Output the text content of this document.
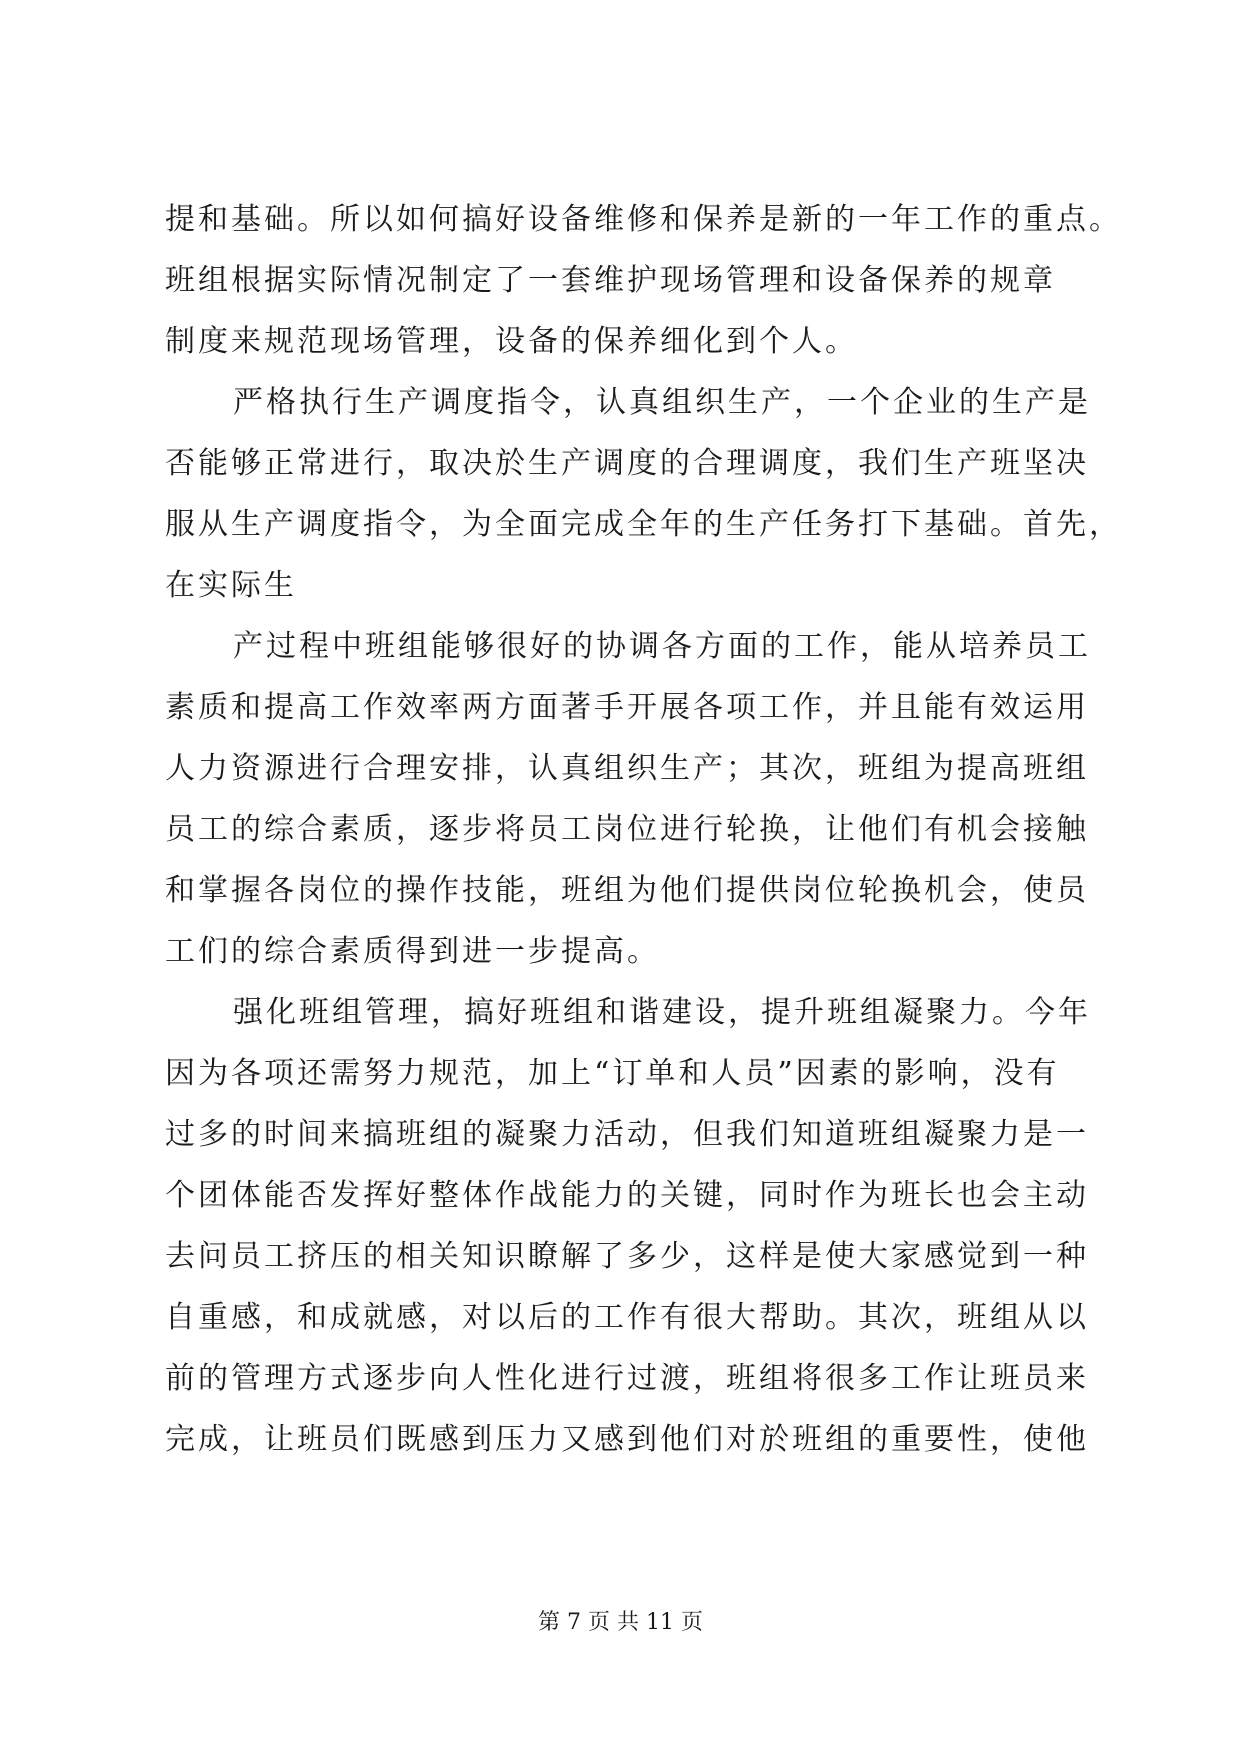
提和基础。所以如何搞好设备维修和保养是新的一年工作的重点。
班组根据实际情况制定了一套维护现场管理和设备保养的规章
制度来规范现场管理，设备的保养细化到个人。
严格执行生产调度指令，认真组织生产，一个企业的生产是
否能够正常进行，取决於生产调度的合理调度，我们生产班坚决
服从生产调度指令，为全面完成全年的生产任务打下基础。首先，
在实际生
产过程中班组能够很好的协调各方面的工作，能从培养员工
素质和提高工作效率两方面著手开展各项工作，并且能有效运用
人力资源进行合理安排，认真组织生产；其次，班组为提高班组
员工的综合素质，逐步将员工岗位进行轮换，让他们有机会接触
和掌握各岗位的操作技能，班组为他们提供岗位轮换机会，使员
工们的综合素质得到进一步提高。
强化班组管理，搞好班组和谐建设，提升班组凝聚力。今年
因为各项还需努力规范，加上“订单和人员”因素的影响，没有
过多的时间来搞班组的凝聚力活动，但我们知道班组凝聚力是一
个团体能否发挥好整体作战能力的关键，同时作为班长也会主动
去问员工挤压的相关知识瞭解了多少，这样是使大家感觉到一种
自重感，和成就感，对以后的工作有很大帮助。其次，班组从以
前的管理方式逐步向人性化进行过渡，班组将很多工作让班员来
完成，让班员们既感到压力又感到他们对於班组的重要性，使他
第 7 页 共 11 页
